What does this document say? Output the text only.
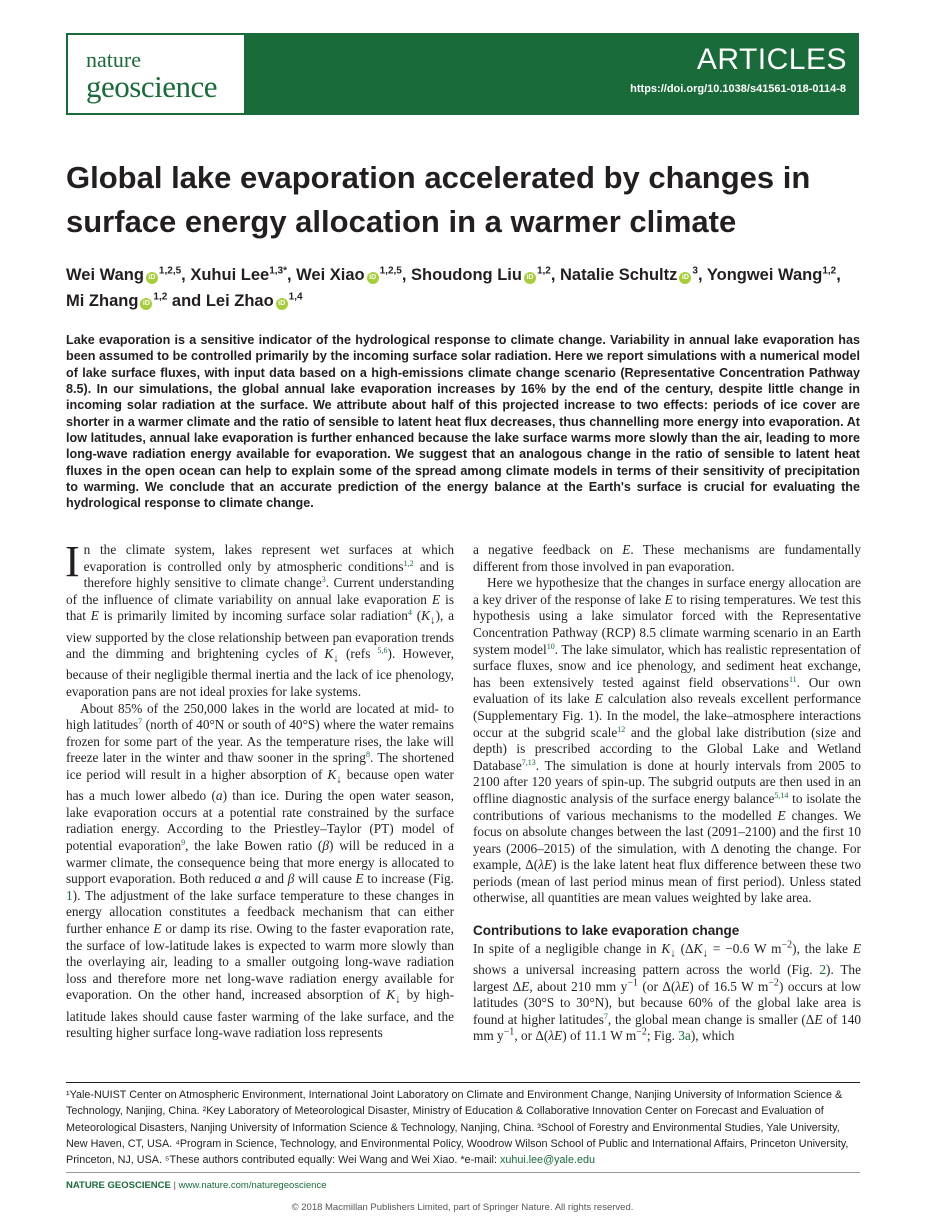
nature
geoscience
ARTICLES
https://doi.org/10.1038/s41561-018-0114-8
Global lake evaporation accelerated by changes in surface energy allocation in a warmer climate
Wei Wang iD$^{1,2,5}$, Xuhui Lee$^{1,3*}$, Wei Xiao iD$^{1,2,5}$, Shoudong Liu iD$^{1,2}$, Natalie Schultz $iD^3$, Yongwei Wang$^{1,2}$,
Mi Zhang iD$^{1,2}$ and Lei Zhao iD$^{1,4}$

Lake evaporation is a sensitive indicator of the hydrological response to climate change. Variability in annual lake evaporation has been assumed to be controlled primarily by the incoming surface solar radiation. Here we report simulations with a numerical model of lake surface fluxes, with input data based on a high-emissions climate change scenario (Representative Concentration Pathway 8.5). In our simulations, the global annual lake evaporation increases by 16% by the end of the century, despite little change in incoming solar radiation at the surface. We attribute about half of this projected increase to two effects: periods of ice cover are shorter in a warmer climate and the ratio of sensible to latent heat flux decreases, thus channelling more energy into evaporation. At low latitudes, annual lake evaporation is further enhanced because the lake surface warms more slowly than the air, leading to more long-wave radiation energy available for evaporation. We suggest that an analogous change in the ratio of sensible to latent heat fluxes in the open ocean can help to explain some of the spread among climate models in terms of their sensitivity of precipitation to warming. We conclude that an accurate prediction of the energy balance at the Earth's surface is crucial for evaluating the hydrological response to climate change.

In the climate system, lakes represent wet surfaces at which evaporation is controlled only by atmospheric conditions$^{1,2}$ and is therefore highly sensitive to climate change$^3$. Current understanding of the influence of climate variability on annual lake evaporation E is that E is primarily limited by incoming surface solar radiation$^4$ $(K_↓)$, a view supported by the close relationship between pan evaporation trends and the dimming and brightening cycles of $K_↓$ (refs $^{5,6}$). However, because of their negligible thermal inertia and the lack of ice phenology, evaporation pans are not ideal proxies for lake systems.

About 85% of the 250,000 lakes in the world are located at mid- to high latitudes$^7$ (north of 40°N or south of 40°S) where the water remains frozen for some part of the year. As the temperature rises, the lake will freeze later in the winter and thaw sooner in the spring$^8$. The shortened ice period will result in a higher absorption of $K_↓$ because open water has a much lower albedo (a) than ice. During the open water season, lake evaporation occurs at a potential rate constrained by the surface radiation energy. According to the Priestley–Taylor (PT) model of potential evaporation$^9$, the lake Bowen ratio (β) will be reduced in a warmer climate, the consequence being that more energy is allocated to support evaporation. Both reduced a and β will cause E to increase (Fig. 1). The adjustment of the lake surface temperature to these changes in energy allocation constitutes a feedback mechanism that can either further enhance E or damp its rise. Owing to the faster evaporation rate, the surface of low-latitude lakes is expected to warm more slowly than the overlaying air, leading to a smaller outgoing long-wave radiation loss and therefore more net long-wave radiation energy available for evaporation. On the other hand, increased absorption of $K_↓$ by high-latitude lakes should cause faster warming of the lake surface, and the resulting higher surface long-wave radiation loss represents

a negative feedback on E. These mechanisms are fundamentally different from those involved in pan evaporation.

Here we hypothesize that the changes in surface energy allocation are a key driver of the response of lake E to rising temperatures. We test this hypothesis using a lake simulator forced with the Representative Concentration Pathway (RCP) 8.5 climate warming scenario in an Earth system model$^{10}$. The lake simulator, which has realistic representation of surface fluxes, snow and ice phenology, and sediment heat exchange, has been extensively tested against field observations$^{11}$. Our own evaluation of its lake E calculation also reveals excellent performance (Supplementary Fig. 1). In the model, the lake–atmosphere interactions occur at the subgrid scale$^{12}$ and the global lake distribution (size and depth) is prescribed according to the Global Lake and Wetland Database$^{7,13}$. The simulation is done at hourly intervals from 2005 to 2100 after 120 years of spin-up. The subgrid outputs are then used in an offline diagnostic analysis of the surface energy balance$^{5,14}$ to isolate the contributions of various mechanisms to the modelled E changes. We focus on absolute changes between the last (2091–2100) and the first 10 years (2006–2015) of the simulation, with Δ denoting the change. For example, Δ(λE) is the lake latent heat flux difference between these two periods (mean of last period minus mean of first period). Unless stated otherwise, all quantities are mean values weighted by lake area.

Contributions to lake evaporation change

In spite of a negligible change in $K_↓$ ($\Delta K_↓ = -0.6$ W $m^{-2}$), the lake E shows a universal increasing pattern across the world (Fig. 2). The largest ΔE, about 210 mm $y^{-1}$ (or Δ(λE) of 16.5 W $m^{-2}$) occurs at low latitudes (30°S to 30°N), but because 60% of the global lake area is found at higher latitudes$^7$, the global mean change is smaller (ΔE of 140 mm $y^{-1}$, or Δ(λE) of 11.1 W $m^{-2}$; Fig. 3a), which

¹Yale-NUIST Center on Atmospheric Environment, International Joint Laboratory on Climate and Environment Change, Nanjing University of Information Science & Technology, Nanjing, China. ²Key Laboratory of Meteorological Disaster, Ministry of Education & Collaborative Innovation Center on Forecast and Evaluation of Meteorological Disasters, Nanjing University of Information Science & Technology, Nanjing, China. ³School of Forestry and Environmental Studies, Yale University, New Haven, CT, USA. ⁴Program in Science, Technology, and Environmental Policy, Woodrow Wilson School of Public and International Affairs, Princeton University, Princeton, NJ, USA. ⁵These authors contributed equally: Wei Wang and Wei Xiao. *e-mail: xuhui.lee@yale.edu

NATURE GEOSCIENCE | www.nature.com/naturegeoscience
© 2018 Macmillan Publishers Limited, part of Springer Nature. All rights reserved.
